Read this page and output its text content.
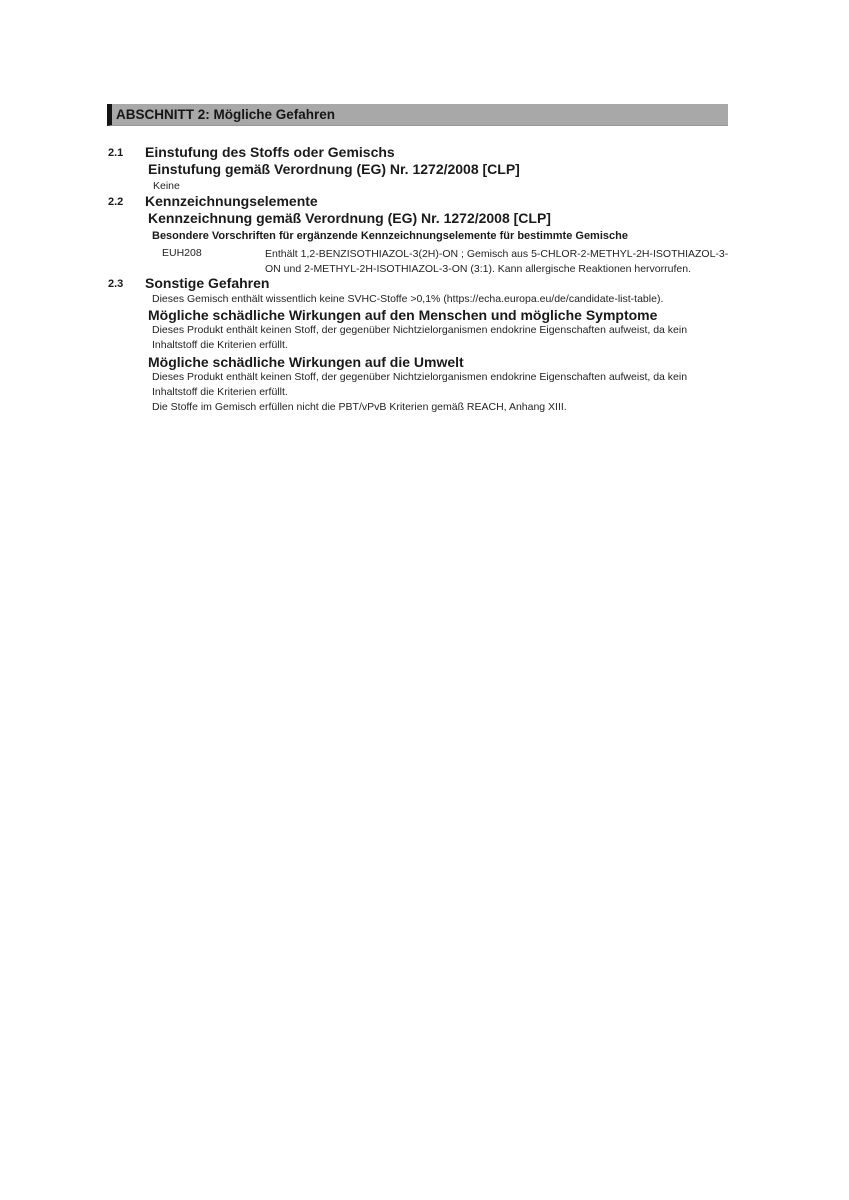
ABSCHNITT 2: Mögliche Gefahren
2.1 Einstufung des Stoffs oder Gemischs
Einstufung gemäß Verordnung (EG) Nr. 1272/2008 [CLP]
Keine
2.2 Kennzeichnungselemente
Kennzeichnung gemäß Verordnung (EG) Nr. 1272/2008 [CLP]
Besondere Vorschriften für ergänzende Kennzeichnungselemente für bestimmte Gemische
EUH208	Enthält 1,2-BENZISOTHIAZOL-3(2H)-ON ; Gemisch aus 5-CHLOR-2-METHYL-2H-ISOTHIAZOL-3-ON und 2-METHYL-2H-ISOTHIAZOL-3-ON (3:1). Kann allergische Reaktionen hervorrufen.
2.3 Sonstige Gefahren
Dieses Gemisch enthält wissentlich keine SVHC-Stoffe >0,1% (https://echa.europa.eu/de/candidate-list-table).
Mögliche schädliche Wirkungen auf den Menschen und mögliche Symptome
Dieses Produkt enthält keinen Stoff, der gegenüber Nichtzielorganismen endokrine Eigenschaften aufweist, da kein Inhaltstoff die Kriterien erfüllt.
Mögliche schädliche Wirkungen auf die Umwelt
Dieses Produkt enthält keinen Stoff, der gegenüber Nichtzielorganismen endokrine Eigenschaften aufweist, da kein Inhaltstoff die Kriterien erfüllt.
Die Stoffe im Gemisch erfüllen nicht die PBT/vPvB Kriterien gemäß REACH, Anhang XIII.
